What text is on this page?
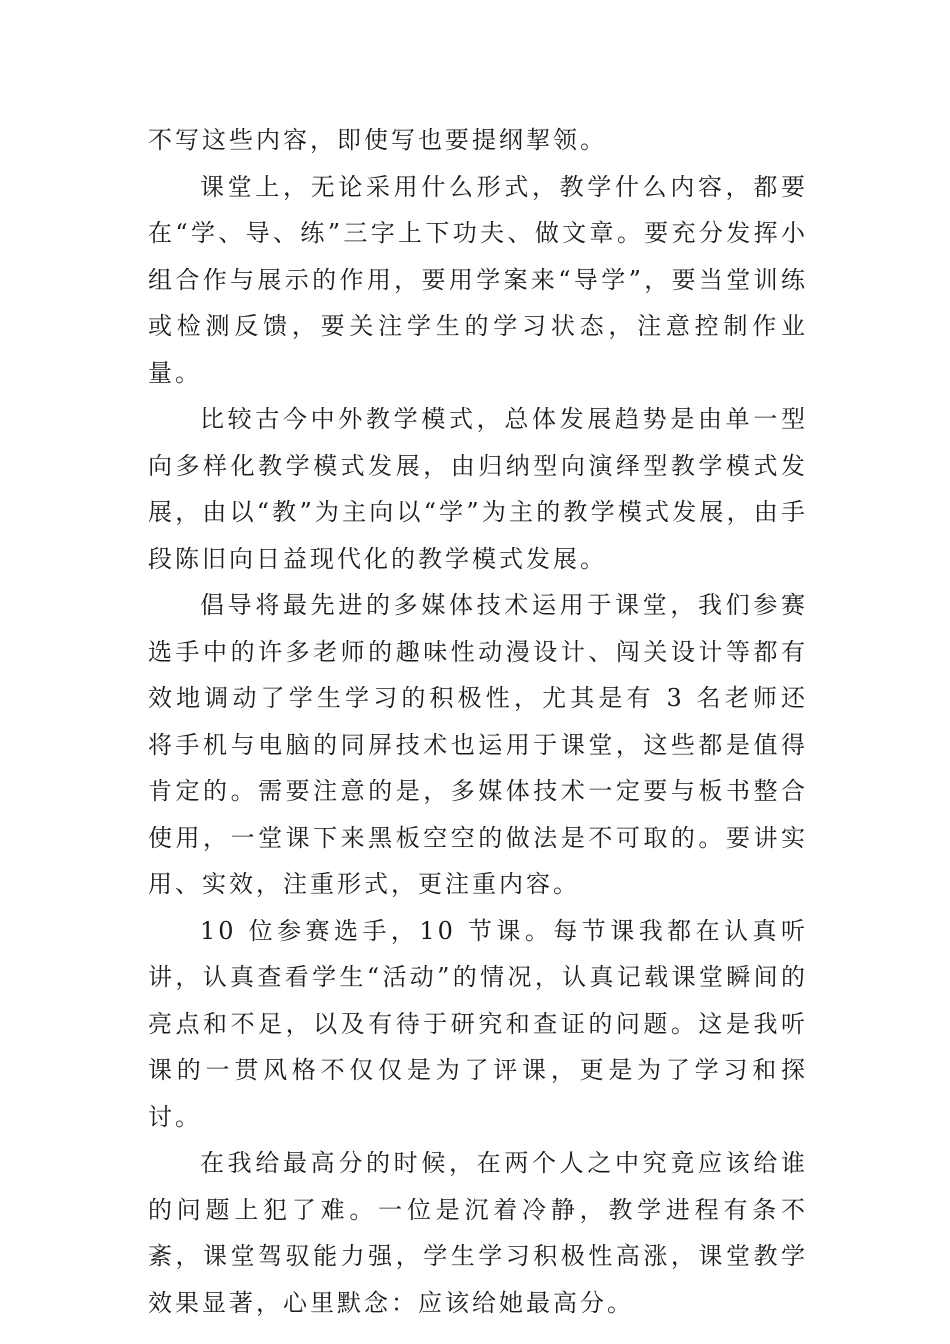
不写这些内容，即使写也要提纲挈领。

课堂上，无论采用什么形式，教学什么内容，都要在“学、导、练”三字上下功夫、做文章。要充分发挥小组合作与展示的作用，要用学案来“导学”，要当堂训练或检测反馈，要关注学生的学习状态，注意控制作业量。

比较古今中外教学模式，总体发展趋势是由单一型向多样化教学模式发展，由归纳型向演绎型教学模式发展，由以“教”为主向以“学”为主的教学模式发展，由手段陈旧向日益现代化的教学模式发展。

倡导将最先进的多媒体技术运用于课堂，我们参赛选手中的许多老师的趣味性动漫设计、闯关设计等都有效地调动了学生学习的积极性，尤其是有 3 名老师还将手机与电脑的同屏技术也运用于课堂，这些都是值得肯定的。需要注意的是，多媒体技术一定要与板书整合使用，一堂课下来黑板空空的做法是不可取的。要讲实用、实效，注重形式，更注重内容。

10 位参赛选手，10 节课。每节课我都在认真听讲，认真查看学生“活动”的情况，认真记载课堂瞬间的亮点和不足，以及有待于研究和查证的问题。这是我听课的一贯风格不仅仅是为了评课，更是为了学习和探讨。

在我给最高分的时候，在两个人之中究竟应该给谁的问题上犯了难。一位是沉着冷静，教学进程有条不紊，课堂驾驭能力强，学生学习积极性高涨，课堂教学效果显著，心里默念：应该给她最高分。
